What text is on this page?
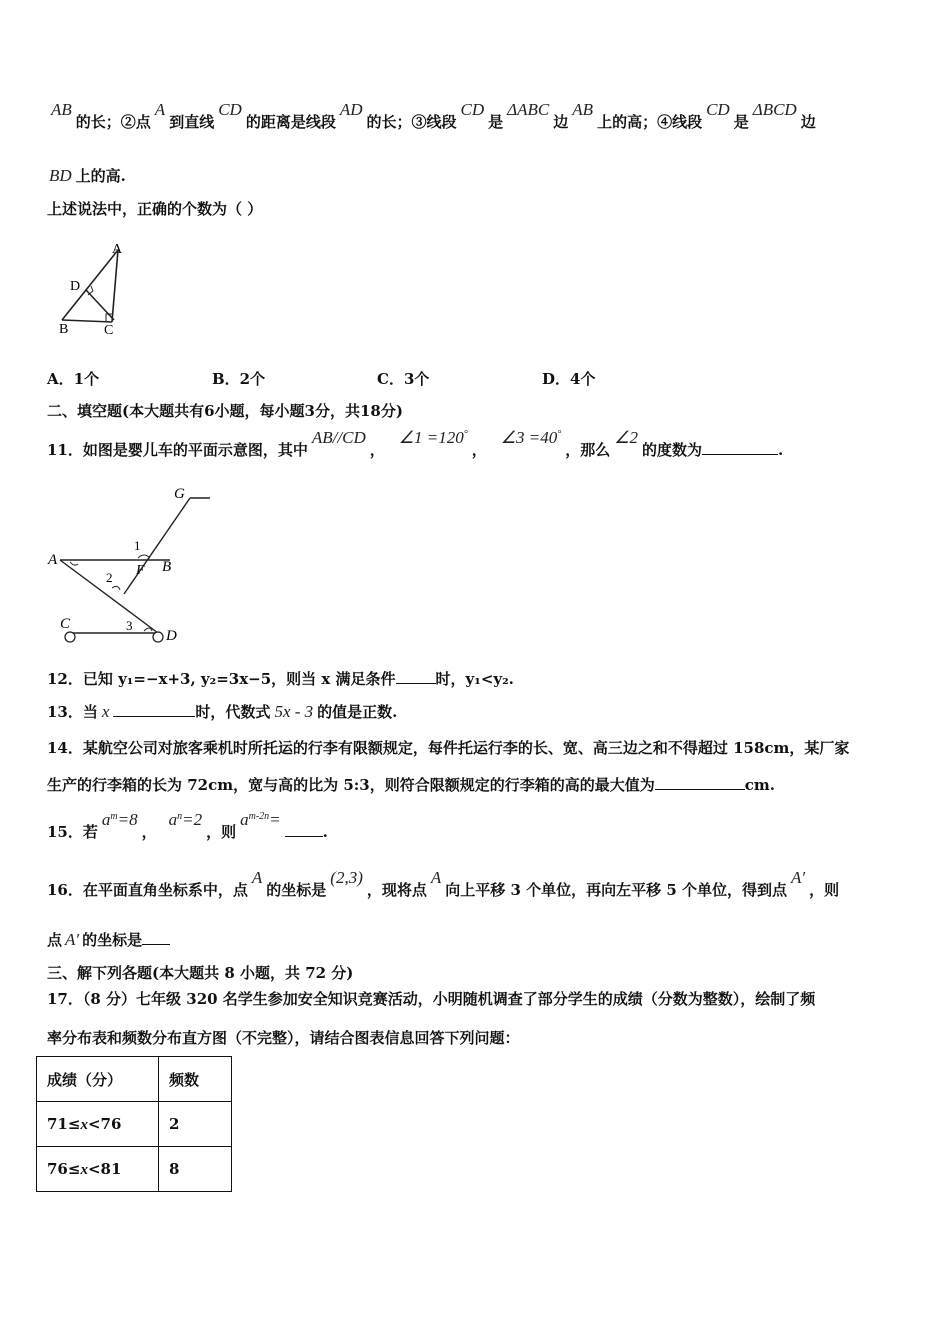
AB的长；②点A到直线CD的距离是线段AD的长；③线段CD是ΔABC边AB上的高；④线段CD是ΔBCD边
BD 上的高.
上述说法中，正确的个数为（ ）
A
D
B	C
A．1个	B．2个	C．3个	D．4个
二、填空题(本大题共有6小题，每小题3分，共18分)
11．如图是婴儿车的平面示意图，其中AB//CD，∠1 =120°，∠3 =40°，那么∠2的度数为	.
G
A	B
F
C
D
1
2
3
12．已知 y₁=−x+3, y₂=3x−5，则当 x 满足条件	时，y₁<y₂.
13．当 x	时，代数式 5x - 3 的值是正数.
14．某航空公司对旅客乘机时所托运的行李有限额规定，每件托运行李的长、宽、高三边之和不得超过 158cm，某厂家
生产的行李箱的长为 72cm，宽与高的比为 5:3，则符合限额规定的行李箱的高的最大值为	cm.
15．若$a^m=8$，$a^n=2$，则$a^{m-2n}=$.
16．在平面直角坐标系中，点A的坐标是(2,3)，现将点A向上平移 3 个单位，再向左平移 5 个单位，得到点A′，则
点 A′ 的坐标是
三、解下列各题(本大题共 8 小题，共 72 分)
17．（8 分）七年级 320 名学生参加安全知识竞赛活动，小明随机调查了部分学生的成绩（分数为整数），绘制了频
率分布表和频数分布直方图（不完整），请结合图表信息回答下列问题：
成绩（分）	频数
71≤x<76	2
76≤x<81	8
